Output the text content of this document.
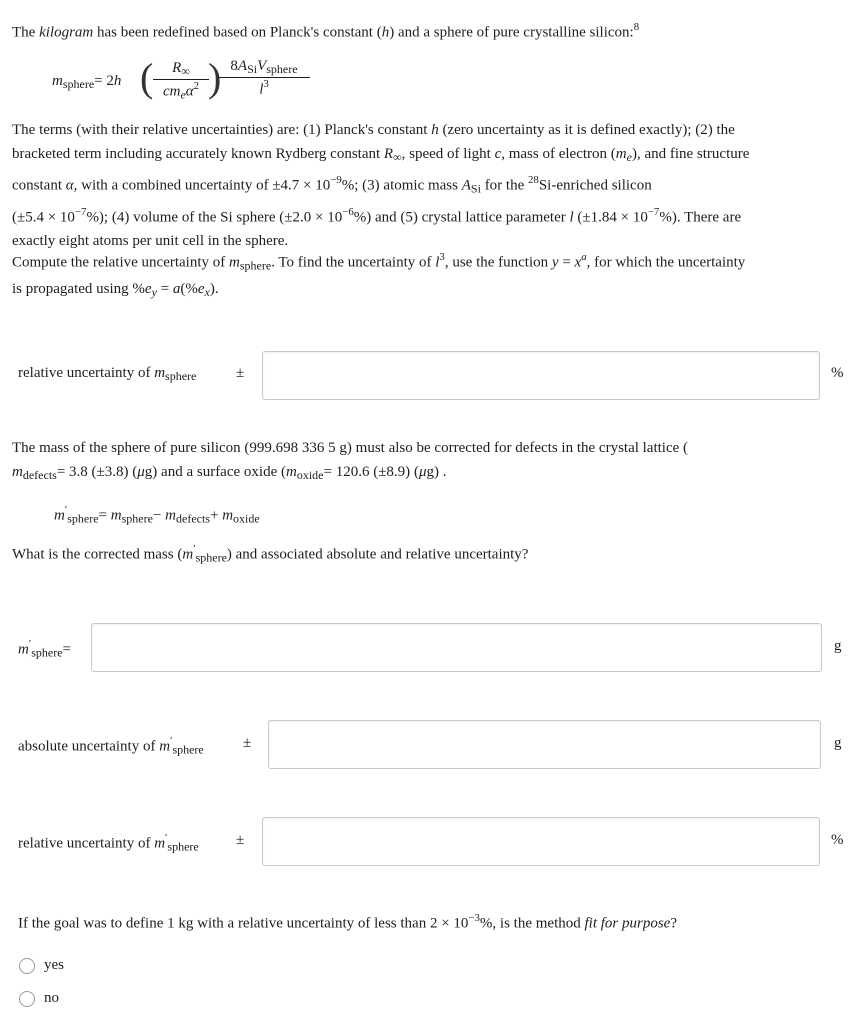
The kilogram has been redefined based on Planck's constant (h) and a sphere of pure crystalline silicon:$^8$
$m_{sphere}= 2h$ (	$R_\infty$
$cm_e\alpha^2$ ) $8A_{Si}V_{sphere}$
$l^3$
The terms (with their relative uncertainties) are: (1) Planck's constant h (zero uncertainty as it is defined exactly); (2) the
bracketed term including accurately known Rydberg constant $R_\infty$, speed of light c, mass of electron $(m_e)$, and fine structure
constant α, with a combined uncertainty of $\pm 4.7 \times 10^{-9}\%$; (3) atomic mass $A_{Si}$ for the $^{28}$Si-enriched silicon
$(\pm 5.4 \times 10^{-7}\%)$; (4) volume of the Si sphere $(\pm 2.0 \times 10^{-6}\%)$ and (5) crystal lattice parameter l $(\pm 1.84 \times 10^{-7}\%)$. There are
exactly eight atoms per unit cell in the sphere.
Compute the relative uncertainty of $m_{sphere}$. To find the uncertainty of $l^3$, use the function $y = x^a$, for which the uncertainty
is propagated using $\%e_y = a(\%e_x)$.
relative uncertainty of $m_{sphere}$	±	%
The mass of the sphere of pure silicon (999.698 336 5 g) must also be corrected for defects in the crystal lattice (
$m_{defects}= 3.8$ (±3.8) (μg) and a surface oxide ($m_{oxide}= 120.6$ (±8.9) (μg) .
$m'_{sphere}= m_{sphere}- m_{defects}+ m_{oxide}$
What is the corrected mass $(m'_{sphere})$ and associated absolute and relative uncertainty?
$m'_{sphere}=$	g
absolute uncertainty of $m'_{sphere}$	±	g
relative uncertainty of $m'_{sphere}$ ±	%
If the goal was to define 1 kg with a relative uncertainty of less than $2 \times 10^{-3}\%$, is the method fit for purpose?
yes
no
